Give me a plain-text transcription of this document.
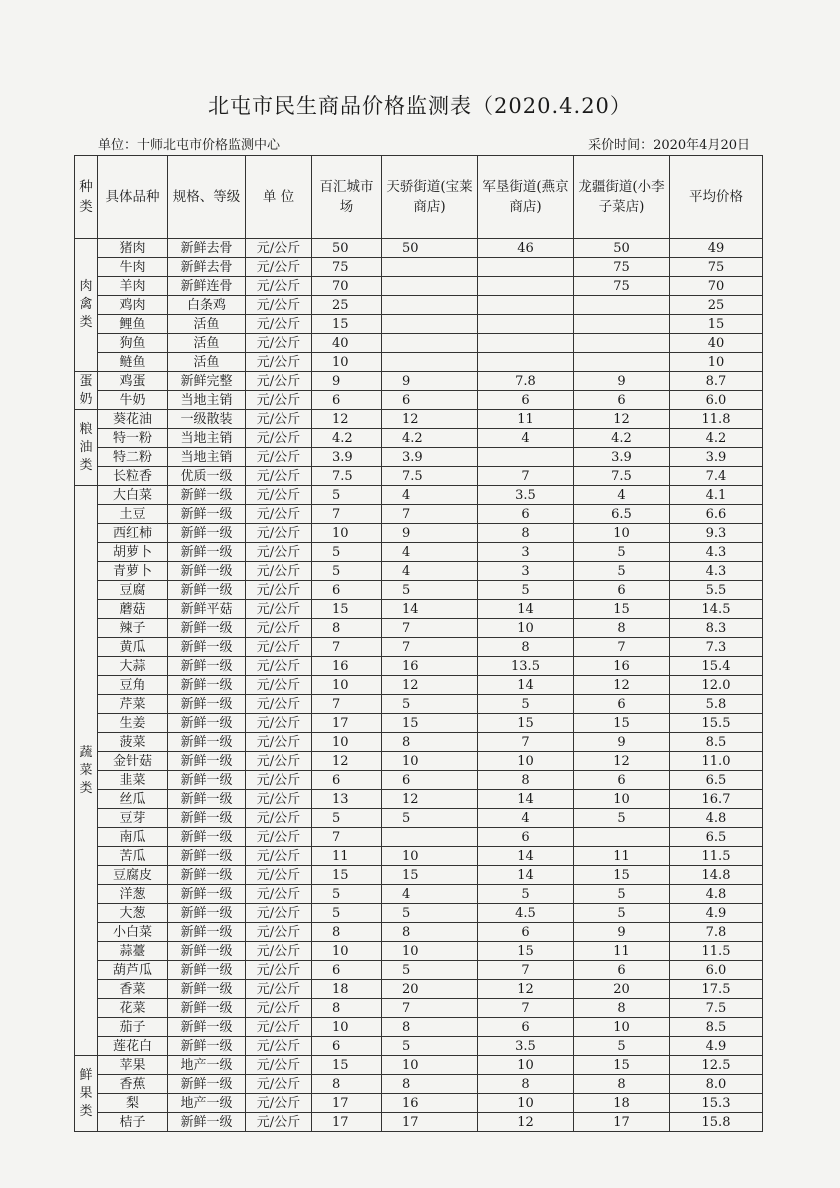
北屯市民生商品价格监测表（2020.4.20）
单位：十师北屯市价格监测中心	采价时间：2020年4月20日
种类	具体品种	规格、等级	单 位	百汇城市场	天骄街道(宝莱商店)	军垦街道(燕京商店)	龙疆街道(小李子菜店)	平均价格
肉禽类	猪肉	新鲜去骨	元/公斤	50	50	46	50	49
	牛肉	新鲜去骨	元/公斤	75			75	75
	羊肉	新鲜连骨	元/公斤	70			75	70
	鸡肉	白条鸡	元/公斤	25				25
	鲤鱼	活鱼	元/公斤	15				15
	狗鱼	活鱼	元/公斤	40				40
	鲢鱼	活鱼	元/公斤	10				10
蛋奶	鸡蛋	新鲜完整	元/公斤	9	9	7.8	9	8.7
	牛奶	当地主销	元/公斤	6	6	6	6	6.0
粮油类	葵花油	一级散装	元/公斤	12	12	11	12	11.8
	特一粉	当地主销	元/公斤	4.2	4.2	4	4.2	4.2
	特二粉	当地主销	元/公斤	3.9	3.9		3.9	3.9
	长粒香	优质一级	元/公斤	7.5	7.5	7	7.5	7.4
蔬菜类	大白菜	新鲜一级	元/公斤	5	4	3.5	4	4.1
	土豆	新鲜一级	元/公斤	7	7	6	6.5	6.6
	西红柿	新鲜一级	元/公斤	10	9	8	10	9.3
	胡萝卜	新鲜一级	元/公斤	5	4	3	5	4.3
	青萝卜	新鲜一级	元/公斤	5	4	3	5	4.3
	豆腐	新鲜一级	元/公斤	6	5	5	6	5.5
	蘑菇	新鲜平菇	元/公斤	15	14	14	15	14.5
	辣子	新鲜一级	元/公斤	8	7	10	8	8.3
	黄瓜	新鲜一级	元/公斤	7	7	8	7	7.3
	大蒜	新鲜一级	元/公斤	16	16	13.5	16	15.4
	豆角	新鲜一级	元/公斤	10	12	14	12	12.0
	芹菜	新鲜一级	元/公斤	7	5	5	6	5.8
	生姜	新鲜一级	元/公斤	17	15	15	15	15.5
	菠菜	新鲜一级	元/公斤	10	8	7	9	8.5
	金针菇	新鲜一级	元/公斤	12	10	10	12	11.0
	韭菜	新鲜一级	元/公斤	6	6	8	6	6.5
	丝瓜	新鲜一级	元/公斤	13	12	14	10	16.7
	豆芽	新鲜一级	元/公斤	5	5	4	5	4.8
	南瓜	新鲜一级	元/公斤	7		6		6.5
	苦瓜	新鲜一级	元/公斤	11	10	14	11	11.5
	豆腐皮	新鲜一级	元/公斤	15	15	14	15	14.8
	洋葱	新鲜一级	元/公斤	5	4	5	5	4.8
	大葱	新鲜一级	元/公斤	5	5	4.5	5	4.9
	小白菜	新鲜一级	元/公斤	8	8	6	9	7.8
	蒜薹	新鲜一级	元/公斤	10	10	15	11	11.5
	葫芦瓜	新鲜一级	元/公斤	6	5	7	6	6.0
	香菜	新鲜一级	元/公斤	18	20	12	20	17.5
	花菜	新鲜一级	元/公斤	8	7	7	8	7.5
	茄子	新鲜一级	元/公斤	10	8	6	10	8.5
	莲花白	新鲜一级	元/公斤	6	5	3.5	5	4.9
鲜果类	苹果	地产一级	元/公斤	15	10	10	15	12.5
	香蕉	新鲜一级	元/公斤	8	8	8	8	8.0
	梨	地产一级	元/公斤	17	16	10	18	15.3
	桔子	新鲜一级	元/公斤	17	17	12	17	15.8
